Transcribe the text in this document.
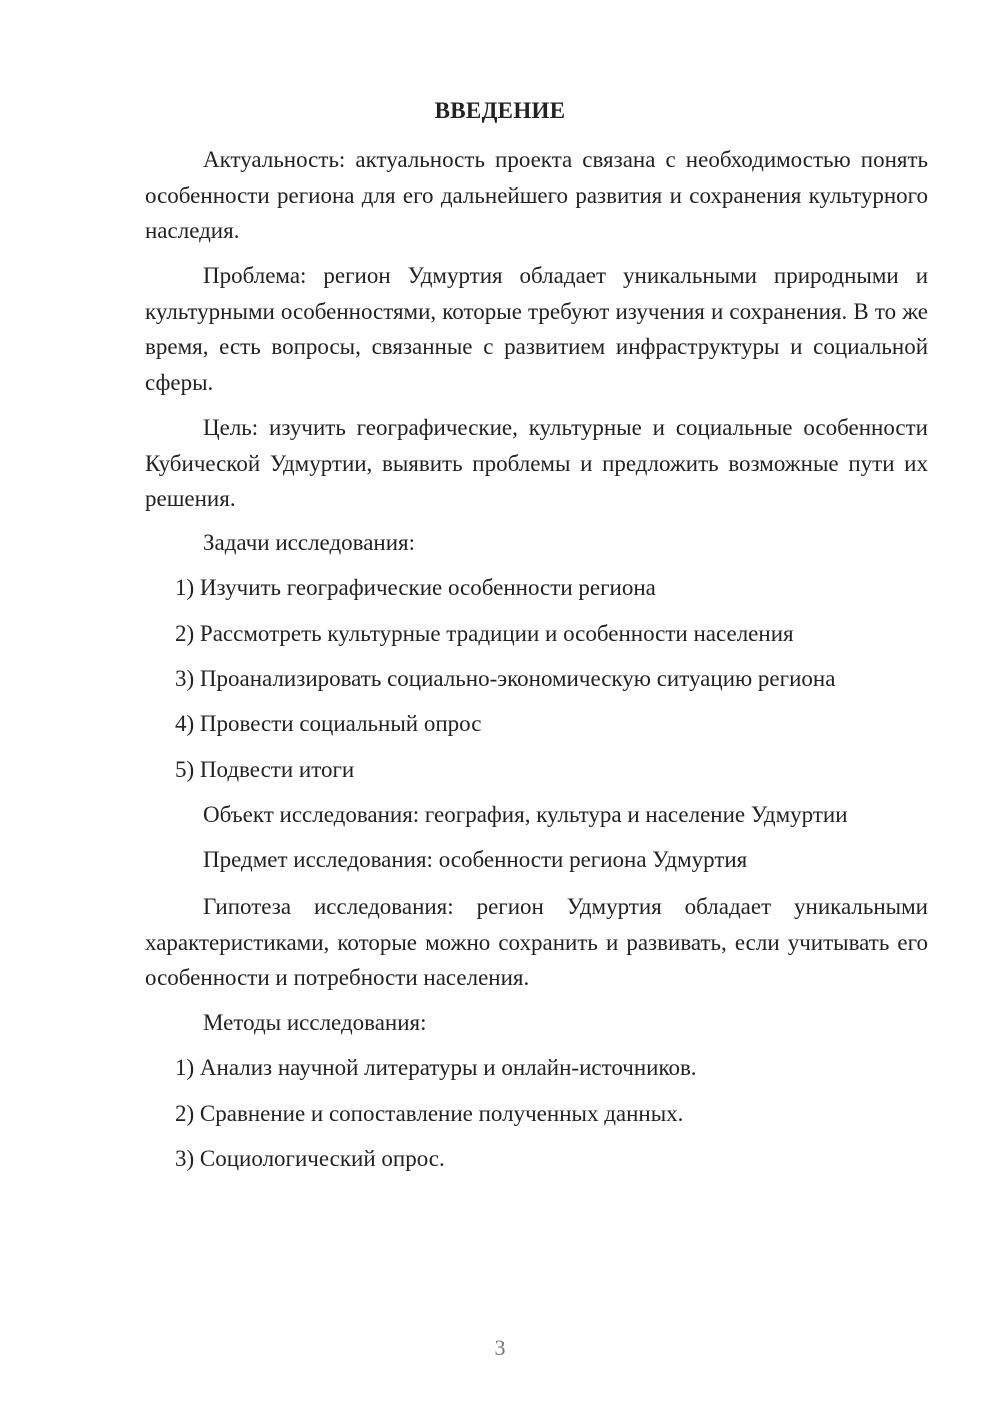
ВВЕДЕНИЕ

Актуальность: актуальность проекта связана с необходимостью понять особенности региона для его дальнейшего развития и сохранения культурного наследия.

Проблема: регион Удмуртия обладает уникальными природными и культурными особенностями, которые требуют изучения и сохранения. В то же время, есть вопросы, связанные с развитием инфраструктуры и социальной сферы.

Цель: изучить географические, культурные и социальные особенности Кубической Удмуртии, выявить проблемы и предложить возможные пути их решения.

Задачи исследования:

1) Изучить географические особенности региона

2) Рассмотреть культурные традиции и особенности населения

3) Проанализировать социально-экономическую ситуацию региона

4) Провести социальный опрос

5) Подвести итоги

Объект исследования: география, культура и население Удмуртии

Предмет исследования: особенности региона Удмуртия

Гипотеза исследования: регион Удмуртия обладает уникальными характеристиками, которые можно сохранить и развивать, если учитывать его особенности и потребности населения.

Методы исследования:

1) Анализ научной литературы и онлайн-источников.

2) Сравнение и сопоставление полученных данных.

3) Социологический опрос.

3
